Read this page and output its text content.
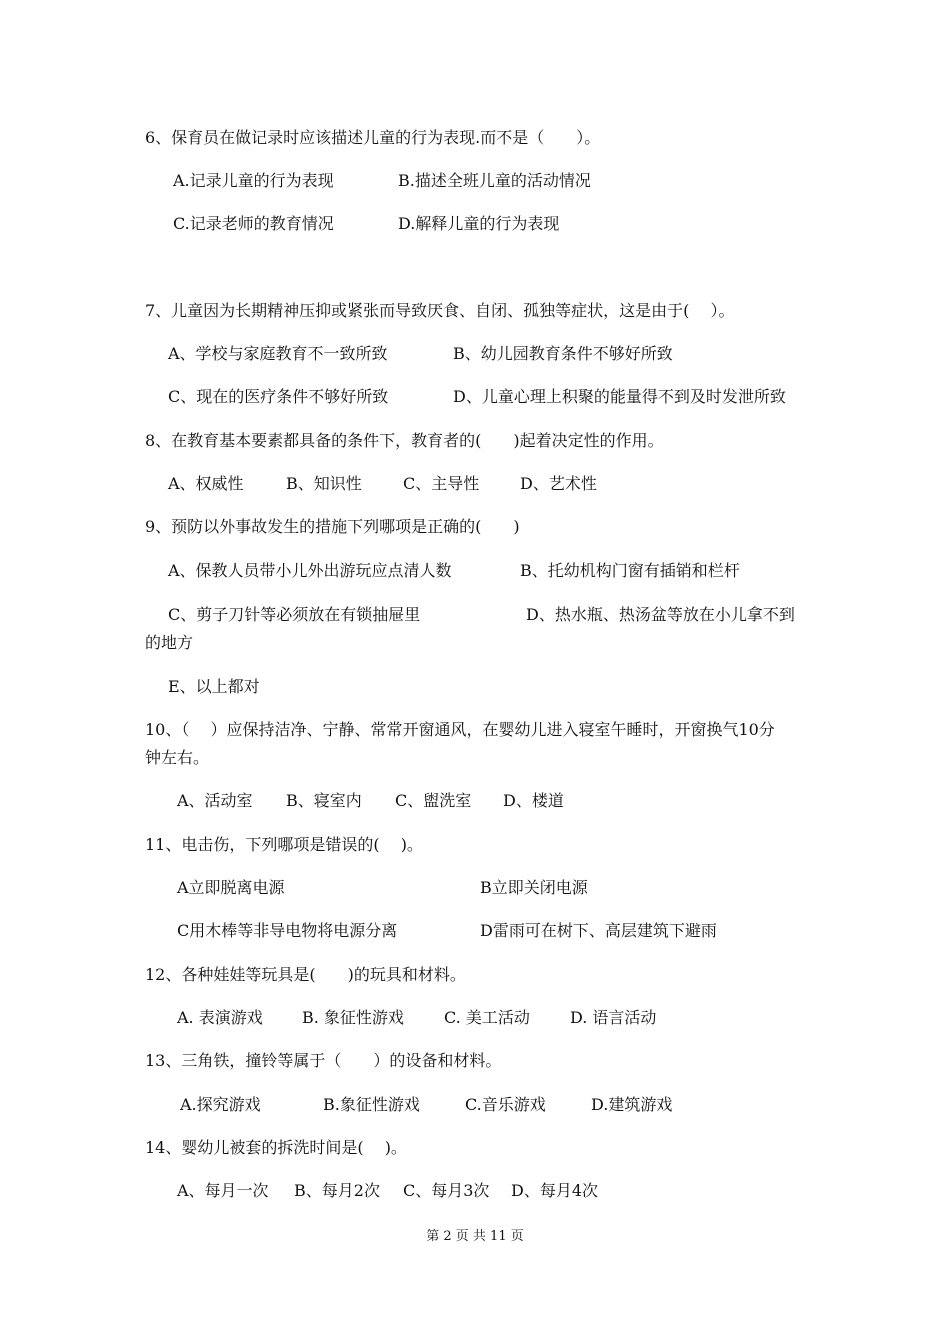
6、保育员在做记录时应该描述儿童的行为表现.而不是（　　）。
A.记录儿童的行为表现	B.描述全班儿童的活动情况
C.记录老师的教育情况	D.解释儿童的行为表现
7、儿童因为长期精神压抑或紧张而导致厌食、自闭、孤独等症状，这是由于(　 ）。
A、学校与家庭教育不一致所致	B、幼儿园教育条件不够好所致
C、现在的医疗条件不够好所致	D、儿童心理上积聚的能量得不到及时发泄所致
8、在教育基本要素都具备的条件下，教育者的(　　)起着决定性的作用。
A、权威性	B、知识性	C、主导性	D、艺术性
9、预防以外事故发生的措施下列哪项是正确的(　　)
A、保教人员带小儿外出游玩应点清人数	B、托幼机构门窗有插销和栏杆
C、剪子刀针等必须放在有锁抽屉里	D、热水瓶、热汤盆等放在小儿拿不到
的地方
E、以上都对
10、（　 ）应保持洁净、宁静、常常开窗通风，在婴幼儿进入寝室午睡时，开窗换气10分
钟左右。
A、活动室 B、寝室内 C、盥洗室 D、楼道
11、电击伤，下列哪项是错误的(　 )。
A立即脱离电源	B立即关闭电源
C用木棒等非导电物将电源分离	D雷雨可在树下、高层建筑下避雨
12、各种娃娃等玩具是(　　)的玩具和材料。
A. 表演游戏 B. 象征性游戏	C. 美工活动	D. 语言活动
13、三角铁，撞铃等属于（　　）的设备和材料。
A.探究游戏	B.象征性游戏	C.音乐游戏	D.建筑游戏
14、婴幼儿被套的拆洗时间是(　 )。
A、每月一次 B、每月2次 C、每月3次 D、每月4次
第 2 页 共 11 页
